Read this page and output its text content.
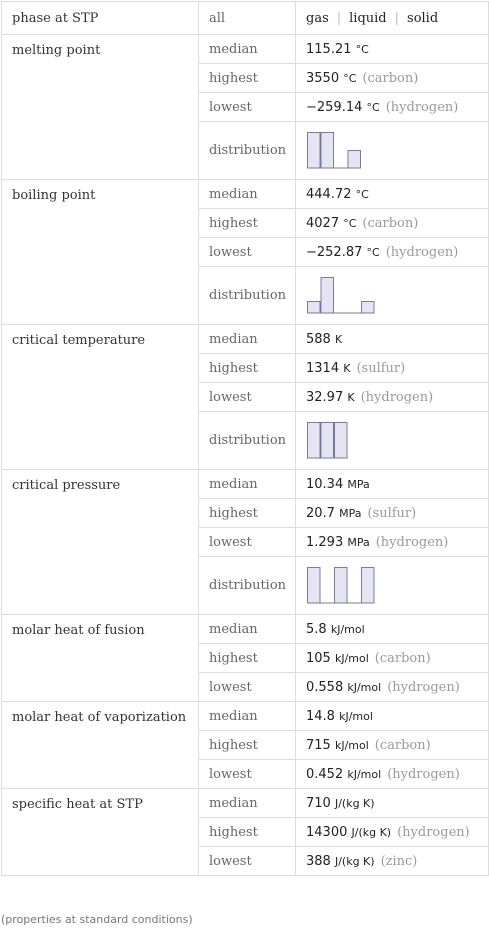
phase at STP	all	gas | liquid | solid
melting point	median	115.21 °C
	highest	3550 °C (carbon)
	lowest	−259.14 °C (hydrogen)
	distribution	

boiling point	median	444.72 °C
	highest	4027 °C (carbon)
	lowest	−252.87 °C (hydrogen)
	distribution	

critical temperature	median	588 K
	highest	1314 K (sulfur)
	lowest	32.97 K (hydrogen)
	distribution	

critical pressure	median	10.34 MPa
	highest	20.7 MPa (sulfur)
	lowest	1.293 MPa (hydrogen)
	distribution	

molar heat of fusion	median	5.8 kJ/mol
	highest	105 kJ/mol (carbon)
	lowest	0.558 kJ/mol (hydrogen)
molar heat of vaporization	median	14.8 kJ/mol
	highest	715 kJ/mol (carbon)
	lowest	0.452 kJ/mol (hydrogen)
specific heat at STP	median	710 J/(kg K)
	highest	14300 J/(kg K) (hydrogen)
	lowest	388 J/(kg K) (zinc)
(properties at standard conditions)
